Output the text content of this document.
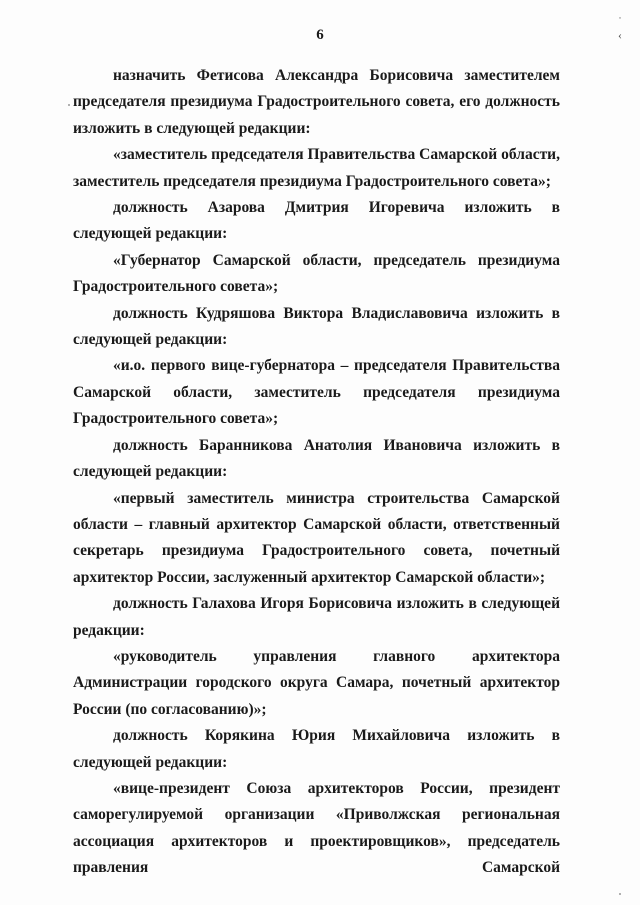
6
˙ ‹

назначить Фетисова Александра Борисовича заместителем председателя президиума Градостроительного совета, его должность изложить в следующей редакции:

«заместитель председателя Правительства Самарской области, заместитель председателя президиума Градостроительного совета»;

должность Азарова Дмитрия Игоревича изложить в следующей редакции:

«Губернатор Самарской области, председатель президиума Градостроительного совета»;

должность Кудряшова Виктора Владиславовича изложить в следующей редакции:

«и.о. первого вице-губернатора – председателя Правительства Самарской области, заместитель председателя президиума Градостроительного совета»;

должность Баранникова Анатолия Ивановича изложить в следующей редакции:

«первый заместитель министра строительства Самарской области – главный архитектор Самарской области, ответственный секретарь президиума Градостроительного совета, почетный архитектор России, заслуженный архитектор Самарской области»;

должность Галахова Игоря Борисовича изложить в следующей редакции:

«руководитель управления главного архитектора Администрации городского округа Самара, почетный архитектор России (по согласованию)»;

должность Корякина Юрия Михайловича изложить в следующей редакции:

«вице-президент Союза архитекторов России, президент саморегулируемой организации «Приволжская региональная ассоциация архитекторов и проектировщиков», председатель правления Самарской
